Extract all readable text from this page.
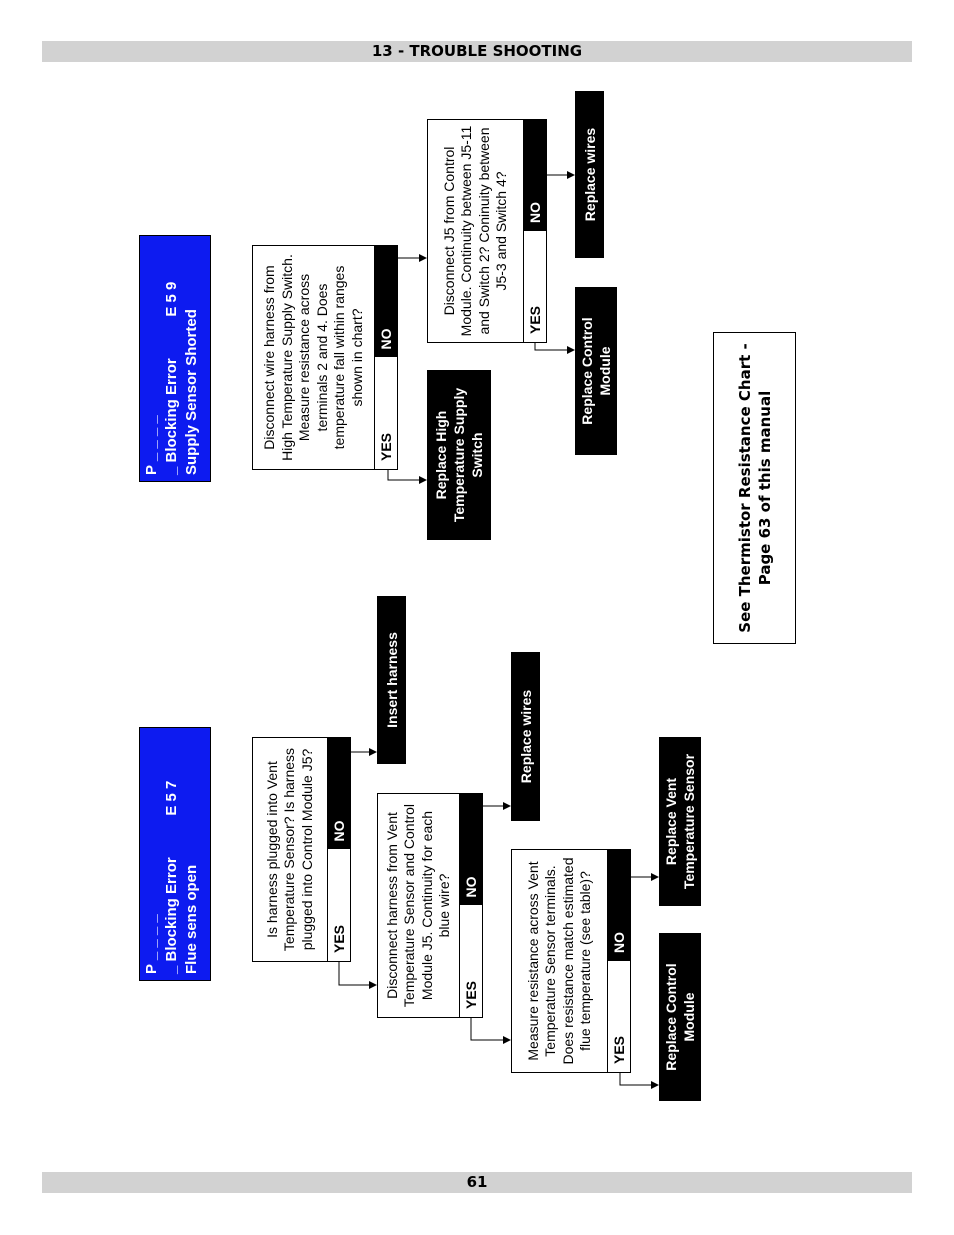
13 - TROUBLE SHOOTING
P _ _ _ _ _ Blocking Error          E 5 7 Flue sens open	Is harness plugged into Vent Temperature Sensor? Is harness plugged into Control Module J5?	YES
NO
Insert harness
Disconnect harness from Vent Temperature Sensor and Control Module J5. Continuity for each blue wire?
YES
NO
Replace wires
Measure resistance across Vent Temperature Sensor terminals. Does resistance match estimated flue temperature (see table)?	YES
NO
Replace Control Module
Replace Vent Temperature Sensor
P _ _ _ _ _ Blocking Error          E 5 9 Supply Sensor Shorted	Disconnect wire harness from High Temperature Supply Switch. Measure resistance across terminals 2 and 4. Does temperature fall within ranges shown in chart?
YES
NO
Replace High Temperature Supply Switch
Disconnect J5 from Control Module. Continuity between J5-11 and Switch 2? Coninuity between J5-3 and Switch 4?
YES
NO
Replace Control Module
Replace wires
See Thermistor Resistance Chart - Page 63 of this manual
61
